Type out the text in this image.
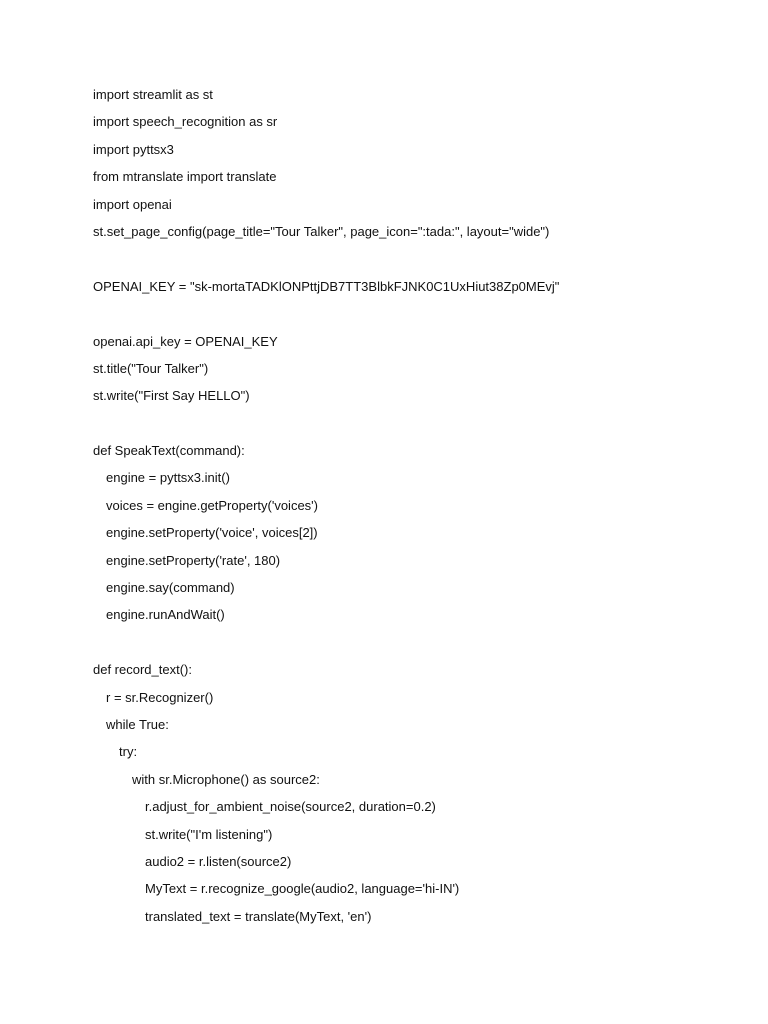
import streamlit as st
import speech_recognition as sr
import pyttsx3
from mtranslate import translate
import openai
st.set_page_config(page_title="Tour Talker", page_icon=":tada:", layout="wide")
OPENAI_KEY = "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"
openai.api_key = OPENAI_KEY
st.title("Tour Talker")
st.write("First Say HELLO")
def SpeakText(command):
engine = pyttsx3.init()
voices = engine.getProperty('voices')
engine.setProperty('voice', voices[2])
engine.setProperty('rate', 180)
engine.say(command)
engine.runAndWait()
def record_text():
r = sr.Recognizer()
while True:
try:
with sr.Microphone() as source2:
r.adjust_for_ambient_noise(source2, duration=0.2)
st.write("I'm listening")
audio2 = r.listen(source2)
MyText = r.recognize_google(audio2, language='hi-IN')
translated_text = translate(MyText, 'en')
